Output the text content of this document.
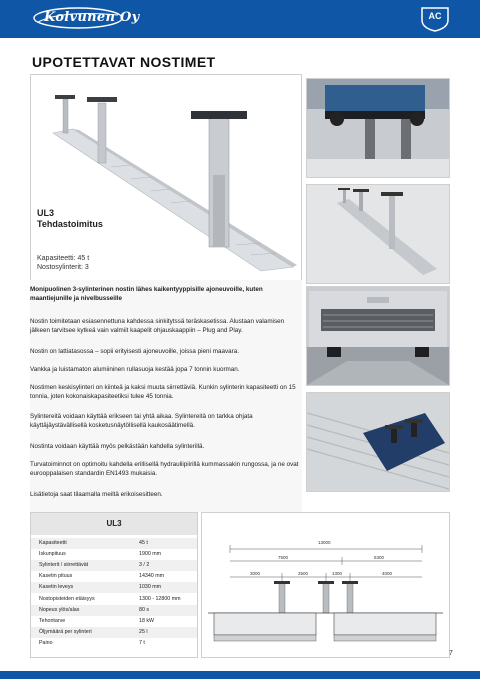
Kolvunen Oy	AC
UPOTETTAVAT NOSTIMET
UL3
Tehdastoimitus
Kapasiteetti: 45 t
Nostosylinterit: 3
Monipuolinen 3-sylinterinen nostin lähes kaikentyyppisille ajoneuvoille, kuten maantiejunille ja nivelbusseille
Nostin toimitetaan esiasennettuna kahdessa sinkitytssä teräskasetissa. Alustaan valamisen jälkeen tarvitsee kytkeä vain valmiit kaapelit ohjauskaappiin – Plug and Play.
Nostin on lattiatasossa – sopii erityisesti ajoneuvoille, joissa pieni maavara.
Vankka ja luistamaton alumiininen rullasuoja kestää jopa 7 tonnin kuorman.
Nostimen keskisylinteri on kiinteä ja kaksi muuta siirrettäviä. Kunkin sylinterin kapasiteetti on 15 tonnia, joten kokonaiskapasiteetiksi tulee 45 tonnia.
Sylintereitä voidaan käyttää erikseen tai yhtä aikaa. Sylintereitä on tarkka ohjata käyttäjäystävällisellä kosketusnäytöllisellä kaukosäätimellä.
Nostinta voidaan käyttää myös pelkästään kahdella sylinterillä.
Turvatoiminnot on optimoitu kahdella erillisellä hydrauliipiirillä kummassakin rungossa, ja ne ovat eurooppalaisen standardin EN1493 mukaisia.
Lisätietoja saat tilaamalla meiltä erikoisesitteen.
UL3
Kapasiteetti	45 t
Iskunpituus	1900 mm
Sylinterit / siirrettävät	3 / 2
Kasetin pituus	14340 mm
Kasetin leveys	1030 mm
Nostopisteiden etäisyys	1300 - 12800 mm
Nopeus ylös/alas	80 s
Tehontarve	18 kW
Öljymäärä per sylinteri	25 l
Paino	7 t
13000
7500	5300
3000	2500	1300	4000
7
